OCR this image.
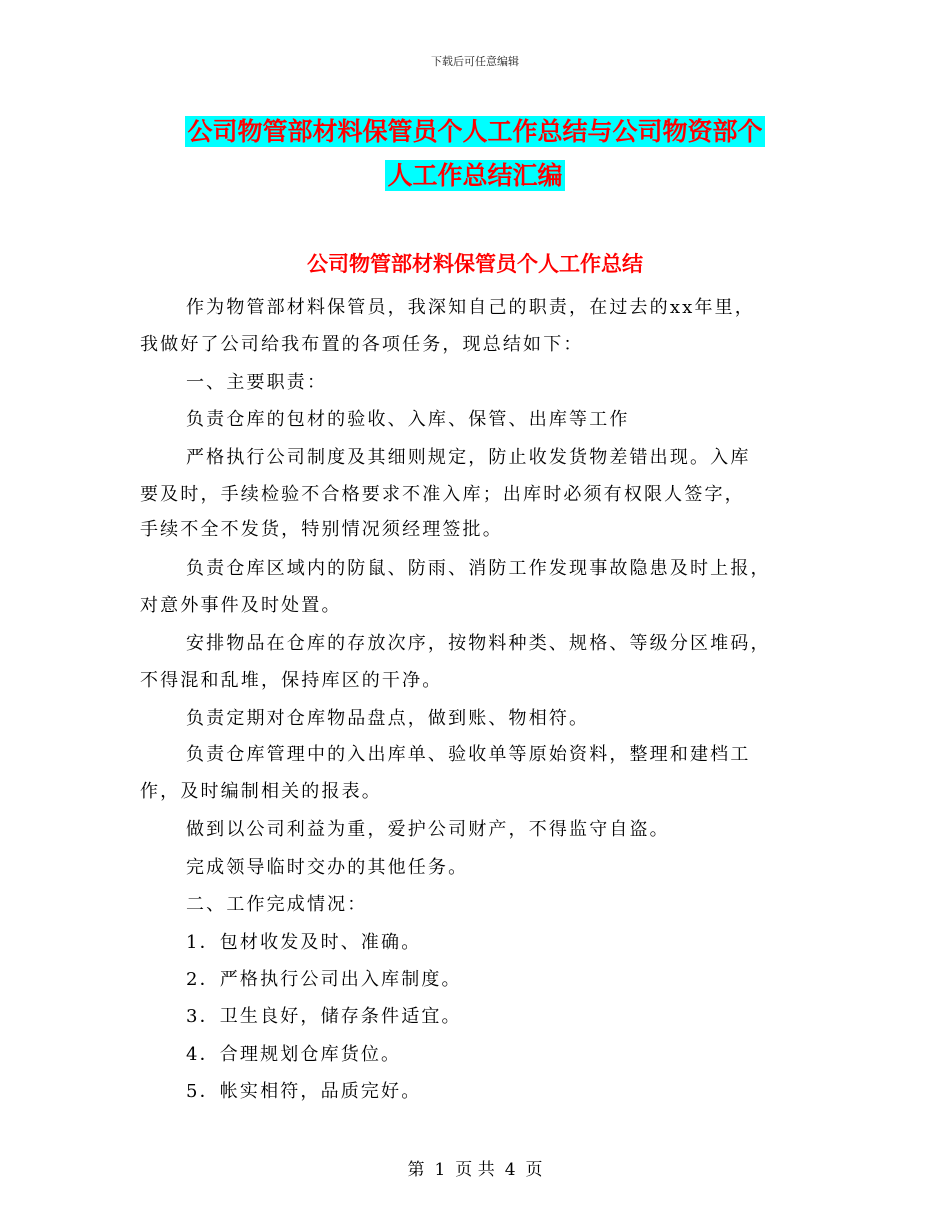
下载后可任意编辑
公司物管部材料保管员个人工作总结与公司物资部个
人工作总结汇编
公司物管部材料保管员个人工作总结
作为物管部材料保管员，我深知自己的职责，在过去的xx年里，
我做好了公司给我布置的各项任务，现总结如下：
一、主要职责：
负责仓库的包材的验收、入库、保管、出库等工作
严格执行公司制度及其细则规定，防止收发货物差错出现。入库
要及时，手续检验不合格要求不准入库；出库时必须有权限人签字，
手续不全不发货，特别情况须经理签批。
负责仓库区域内的防鼠、防雨、消防工作发现事故隐患及时上报，
对意外事件及时处置。
安排物品在仓库的存放次序，按物料种类、规格、等级分区堆码，
不得混和乱堆，保持库区的干净。
负责定期对仓库物品盘点，做到账、物相符。
负责仓库管理中的入出库单、验收单等原始资料，整理和建档工
作，及时编制相关的报表。
做到以公司利益为重，爱护公司财产，不得监守自盗。
完成领导临时交办的其他任务。
二、工作完成情况：
1．包材收发及时、准确。
2．严格执行公司出入库制度。
3．卫生良好，储存条件适宜。
4．合理规划仓库货位。
5．帐实相符，品质完好。
第 1 页 共 4 页
